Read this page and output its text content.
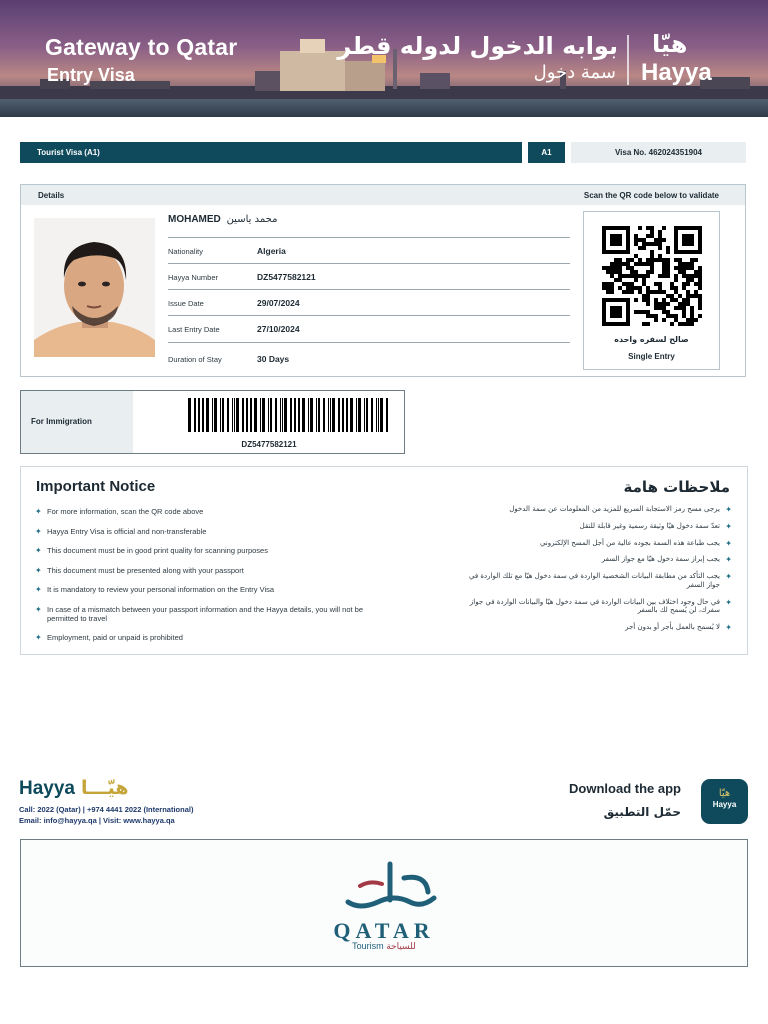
Gateway to Qatar
Entry Visa
بوابه الدخول لدوله قطر
سمة دخول
هيّا
Hayya
Tourist Visa (A1)	A1	Visa No. 462024351904
Details	Scan the QR code below to validate
MOHAMED محمد ياسين
Nationality	Algeria
Hayya Number	DZ5477582121
Issue Date	29/07/2024
Last Entry Date	27/10/2024
Duration of Stay	30 Days
صالح لسفره واحده
Single Entry
For Immigration
DZ5477582121
Important Notice	ملاحظات هامة
✦ For more information, scan the QR code above
✦ Hayya Entry Visa is official and non-transferable
✦ This document must be in good print quality for scanning purposes
✦ This document must be presented along with your passport
✦ It is mandatory to review your personal information on the Entry Visa
✦ In case of a mismatch between your passport information and the Hayya details, you will not be permitted to travel
✦ Employment, paid or unpaid is prohibited
✦
يرجى مسح رمز الاستجابة السريع للمزيد من المعلومات عن سمة الدخول
✦
تعدّ سمة دخول هيّا وثيقة رسمية وغير قابلة للنقل
✦
يجب طباعة هذه السمة بجوده عالية من أجل المسح الإلكتروني
✦
يجب إبراز سمة دخول هيّا مع جواز السفر
✦
يجب التأكد من مطابقة البيانات الشخصية الواردة في سمة دخول هيّا مع تلك الواردة في جواز السفر
✦
في حال وجود اختلاف بين البيانات الواردة في سمة دخول هيّا والبيانات الواردة في جواز سفرك، لن يُسمح لك بالسفر
✦
لا يُسمح بالعمل بأجر أو بدون أجر
Hayya هيّـــا
Call: 2022 (Qatar) | +974 4441 2022 (International)
Email: info@hayya.qa | Visit: www.hayya.qa
Download the app
حمّل التطبيق
هيّا
Hayya
QATAR
Tourism للسياحة
